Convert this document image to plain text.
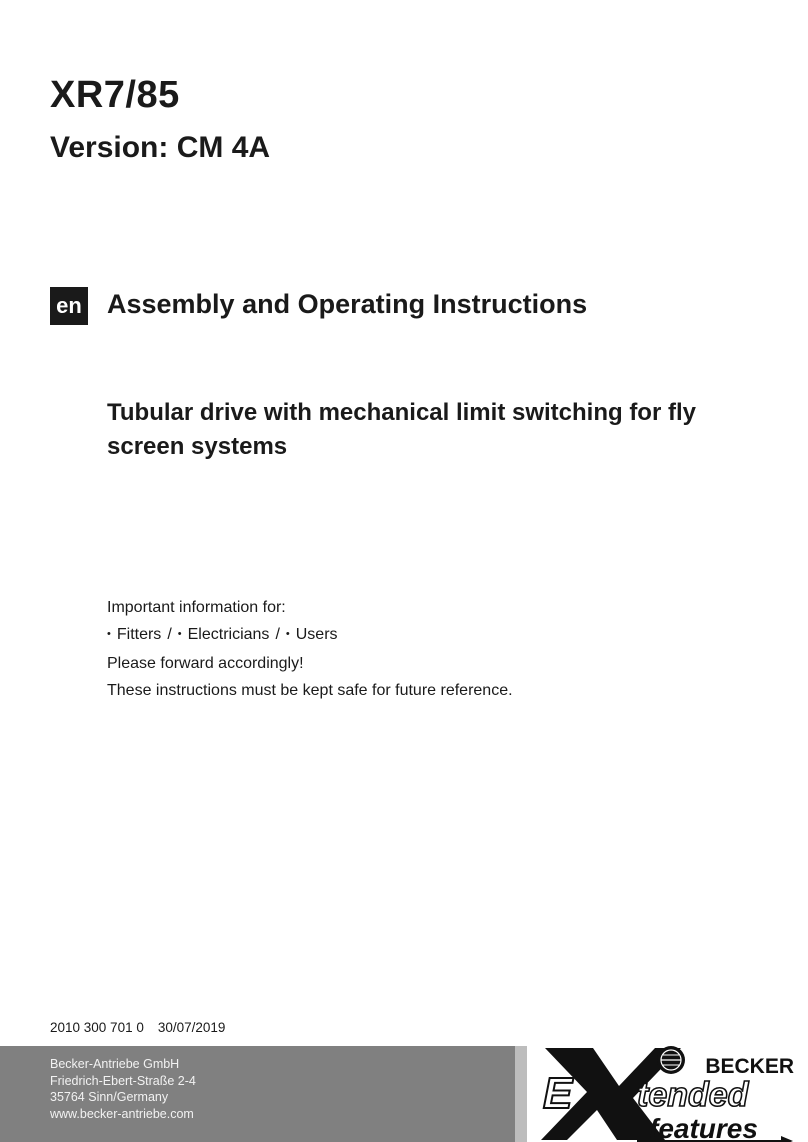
XR7/85
Version: CM 4A
en Assembly and Operating Instructions
Tubular drive with mechanical limit switching for fly screen systems
Important information for:
• Fitters / • Electricians / • Users
Please forward accordingly!
These instructions must be kept safe for future reference.
2010 300 701 0 30/07/2019
Becker-Antriebe GmbH
Friedrich-Ebert-Straße 2-4
35764 Sinn/Germany
www.becker-antriebe.com	E tended
features
BECKER
